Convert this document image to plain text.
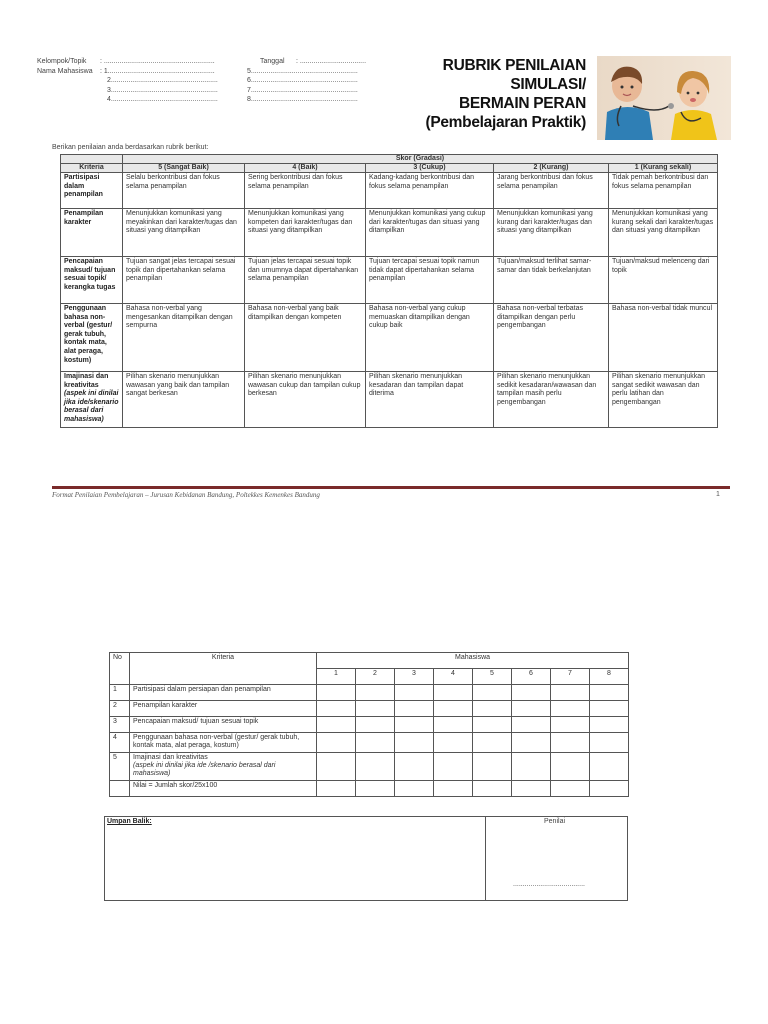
Kelompok/Topik	: .........................................................	Tanggal	: ..................................
Nama Mahasiswa	: 1.......................................................	5.......................................................
2.......................................................	6.......................................................
3.......................................................	7.......................................................
4.......................................................	8.......................................................
RUBRIK PENILAIAN
SIMULASI/
BERMAIN PERAN
(Pembelajaran Praktik)
Berikan penilaian anda berdasarkan rubrik berikut:
	Skor (Gradasi)				
Kriteria	5 (Sangat Baik)	4 (Baik)	3 (Cukup)	2 (Kurang)	1 (Kurang sekali)
Partisipasi dalam penampilan	Selalu berkontribusi dan fokus selama penampilan	Sering berkontribusi dan fokus selama penampilan	Kadang-kadang berkontribusi dan fokus selama penampilan	Jarang berkontribusi dan fokus selama penampilan	Tidak pernah berkontribusi dan fokus selama penampilan
Penampilan karakter	Menunjukkan komunikasi yang meyakinkan dari karakter/tugas dan situasi yang ditampilkan	Menunjukkan komunikasi yang kompeten dari karakter/tugas dan situasi yang ditampilkan	Menunjukkan komunikasi yang cukup dari karakter/tugas dan situasi yang ditampilkan	Menunjukkan komunikasi yang kurang dari karakter/tugas dan situasi yang ditampilkan	Menunjukkan komunikasi yang kurang sekali dari karakter/tugas dan situasi yang ditampilkan
Pencapaian maksud/ tujuan sesuai topik/ kerangka tugas	Tujuan sangat jelas tercapai sesuai topik dan dipertahankan selama penampilan	Tujuan jelas tercapai sesuai topik dan umumnya dapat dipertahankan selama penampilan	Tujuan tercapai sesuai topik namun tidak dapat dipertahankan selama penampilan	Tujuan/maksud terlihat samar-samar dan tidak berkelanjutan	Tujuan/maksud melenceng dari topik
Penggunaan bahasa non-verbal (gestur/ gerak tubuh, kontak mata, alat peraga, kostum)	Bahasa non-verbal yang mengesankan ditampilkan dengan sempurna	Bahasa non-verbal yang baik ditampilkan dengan kompeten	Bahasa non-verbal yang cukup memuaskan ditampilkan dengan cukup baik	Bahasa non-verbal terbatas ditampilkan dengan perlu pengembangan	Bahasa non-verbal tidak muncul
Imajinasi dan kreativitas
(aspek ini dinilai jika ide/skenario berasal dari mahasiswa)	Pilihan skenario menunjukkan wawasan yang baik dan tampilan sangat berkesan	Pilihan skenario menunjukkan wawasan cukup dan tampilan cukup berkesan	Pilihan skenario menunjukkan kesadaran dan tampilan dapat diterima	Pilihan skenario menunjukkan sedikit kesadaran/wawasan dan tampilan masih perlu pengembangan	Pilihan skenario menunjukkan sangat sedikit wawasan dan perlu latihan dan pengembangan
Format Penilaian Pembelajaran – Jurusan Kebidanan Bandung, Poltekkes Kemenkes Bandung	1
No	Kriteria	Mahasiswa							
		1	2	3	4	5	6	7	8
1	Partisipasi dalam persiapan dan penampilan								
2	Penampilan karakter								
3	Pencapaian maksud/ tujuan sesuai topik								
4	Penggunaan bahasa non-verbal (gestur/ gerak tubuh, kontak mata, alat peraga, kostum)								
5	Imajinasi dan kreativitas
(aspek ini dinilai jika ide /skenario berasal dari mahasiswa)								
	Nilai = Jumlah skor/25x100								
Umpan Balik:	Penilai
.....................................
